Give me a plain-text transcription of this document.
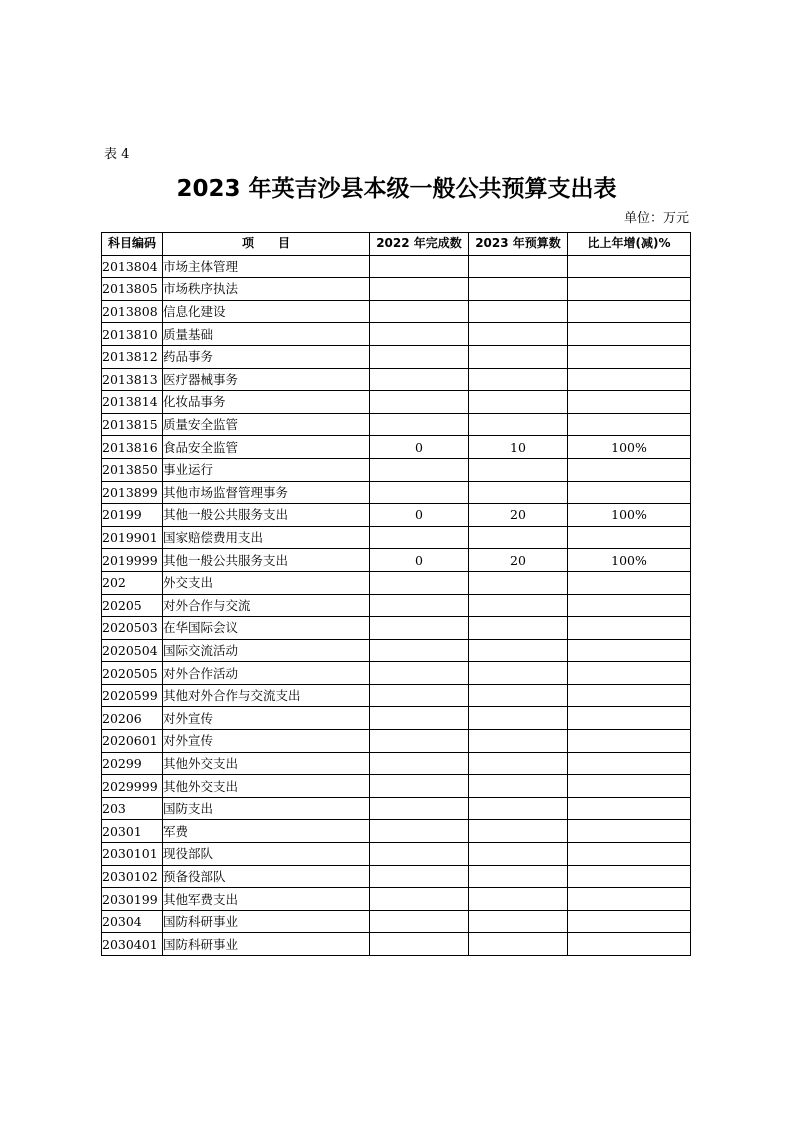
表 4
2023 年英吉沙县本级一般公共预算支出表
单位：万元
科目编码	项　　目	2022 年完成数	2023 年预算数	比上年增(减)%
2013804	市场主体管理			
2013805	市场秩序执法			
2013808	信息化建设			
2013810	质量基础			
2013812	药品事务			
2013813	医疗器械事务			
2013814	化妆品事务			
2013815	质量安全监管			
2013816	食品安全监管	0	10	100%
2013850	事业运行			
2013899	其他市场监督管理事务			
20199	其他一般公共服务支出	0	20	100%
2019901	国家赔偿费用支出			
2019999	其他一般公共服务支出	0	20	100%
202	外交支出			
20205	对外合作与交流			
2020503	在华国际会议			
2020504	国际交流活动			
2020505	对外合作活动			
2020599	其他对外合作与交流支出			
20206	对外宣传			
2020601	对外宣传			
20299	其他外交支出			
2029999	其他外交支出			
203	国防支出			
20301	军费			
2030101	现役部队			
2030102	预备役部队			
2030199	其他军费支出			
20304	国防科研事业			
2030401	国防科研事业			
